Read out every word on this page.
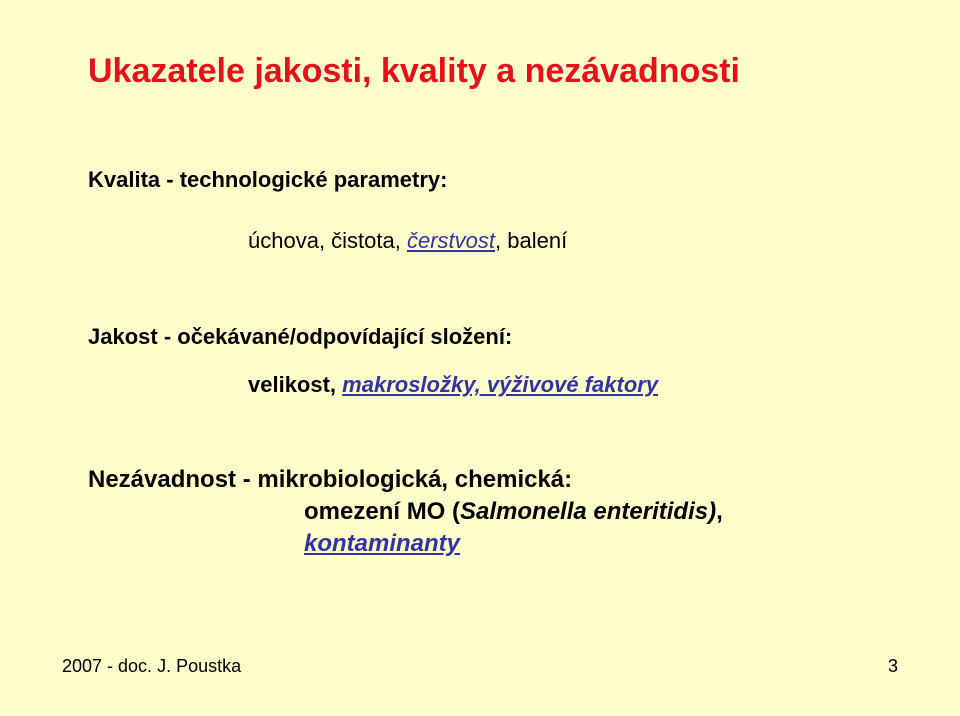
Ukazatele jakosti, kvality a nezávadnosti
Kvalita - technologické parametry:
úchova, čistota, čerstvost, balení
Jakost - očekávané/odpovídající složení:
velikost, makrosložky, výživové faktory
Nezávadnost - mikrobiologická, chemická:
omezení MO (Salmonella enteritidis),
kontaminanty
2007 - doc. J. Poustka	3
